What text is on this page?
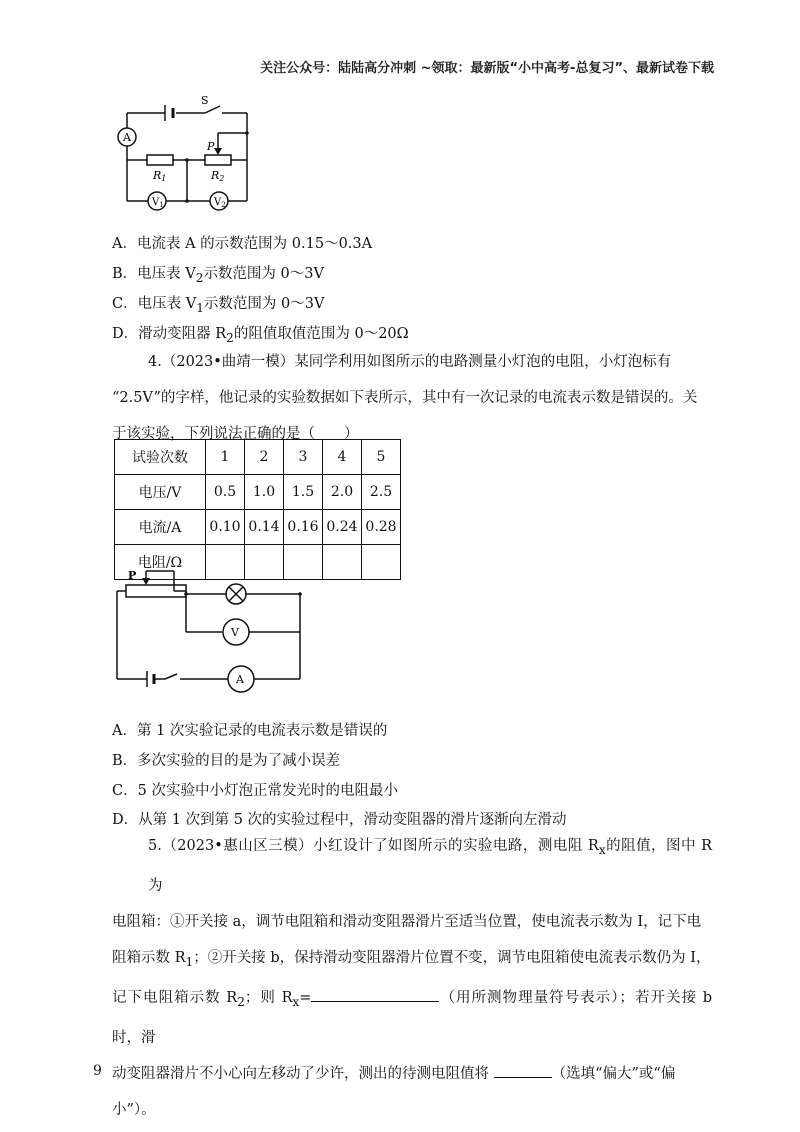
关注公众号：陆陆高分冲刺 ~领取：最新版“小中高考-总复习”、最新试卷下载
S
A
P
R1	R2
$V_1$	$V_2$
A．电流表 A 的示数范围为 0.15～0.3A
B．电压表 $V_2$示数范围为 0～3V
C．电压表 $V_1$示数范围为 0～3V
D．滑动变阻器 $R_2$的阻值取值范围为 0～20Ω
4.（2023•曲靖一模）某同学利用如图所示的电路测量小灯泡的电阻，小灯泡标有
“2.5V”的字样，他记录的实验数据如下表所示，其中有一次记录的电流表示数是错误的。关
于该实验，下列说法正确的是（　　）
试验次数	1	2	3	4	5
电压/V	0.5	1.0	1.5	2.0	2.5
电流/A	0.10	0.14	0.16	0.24	0.28
电阻/Ω					
P
V
A
A．第 1 次实验记录的电流表示数是错误的
B．多次实验的目的是为了减小误差
C．5 次实验中小灯泡正常发光时的电阻最小
D．从第 1 次到第 5 次的实验过程中，滑动变阻器的滑片逐渐向左滑动
5.（2023•惠山区三模）小红设计了如图所示的实验电路，测电阻 $R_x$的阻值，图中 R 为
电阻箱：①开关接 a，调节电阻箱和滑动变阻器滑片至适当位置，使电流表示数为 I，记下电
阻箱示数 $R_1$；②开关接 b，保持滑动变阻器滑片位置不变，调节电阻箱使电流表示数仍为 I，
记下电阻箱示数 $R_2$；则 $R_x=$	（用所测物理量符号表示）；若开关接 b 时，滑
动变阻器滑片不小心向左移动了少许，测出的待测电阻值将	（选填“偏大”或“偏
小”）。
9
